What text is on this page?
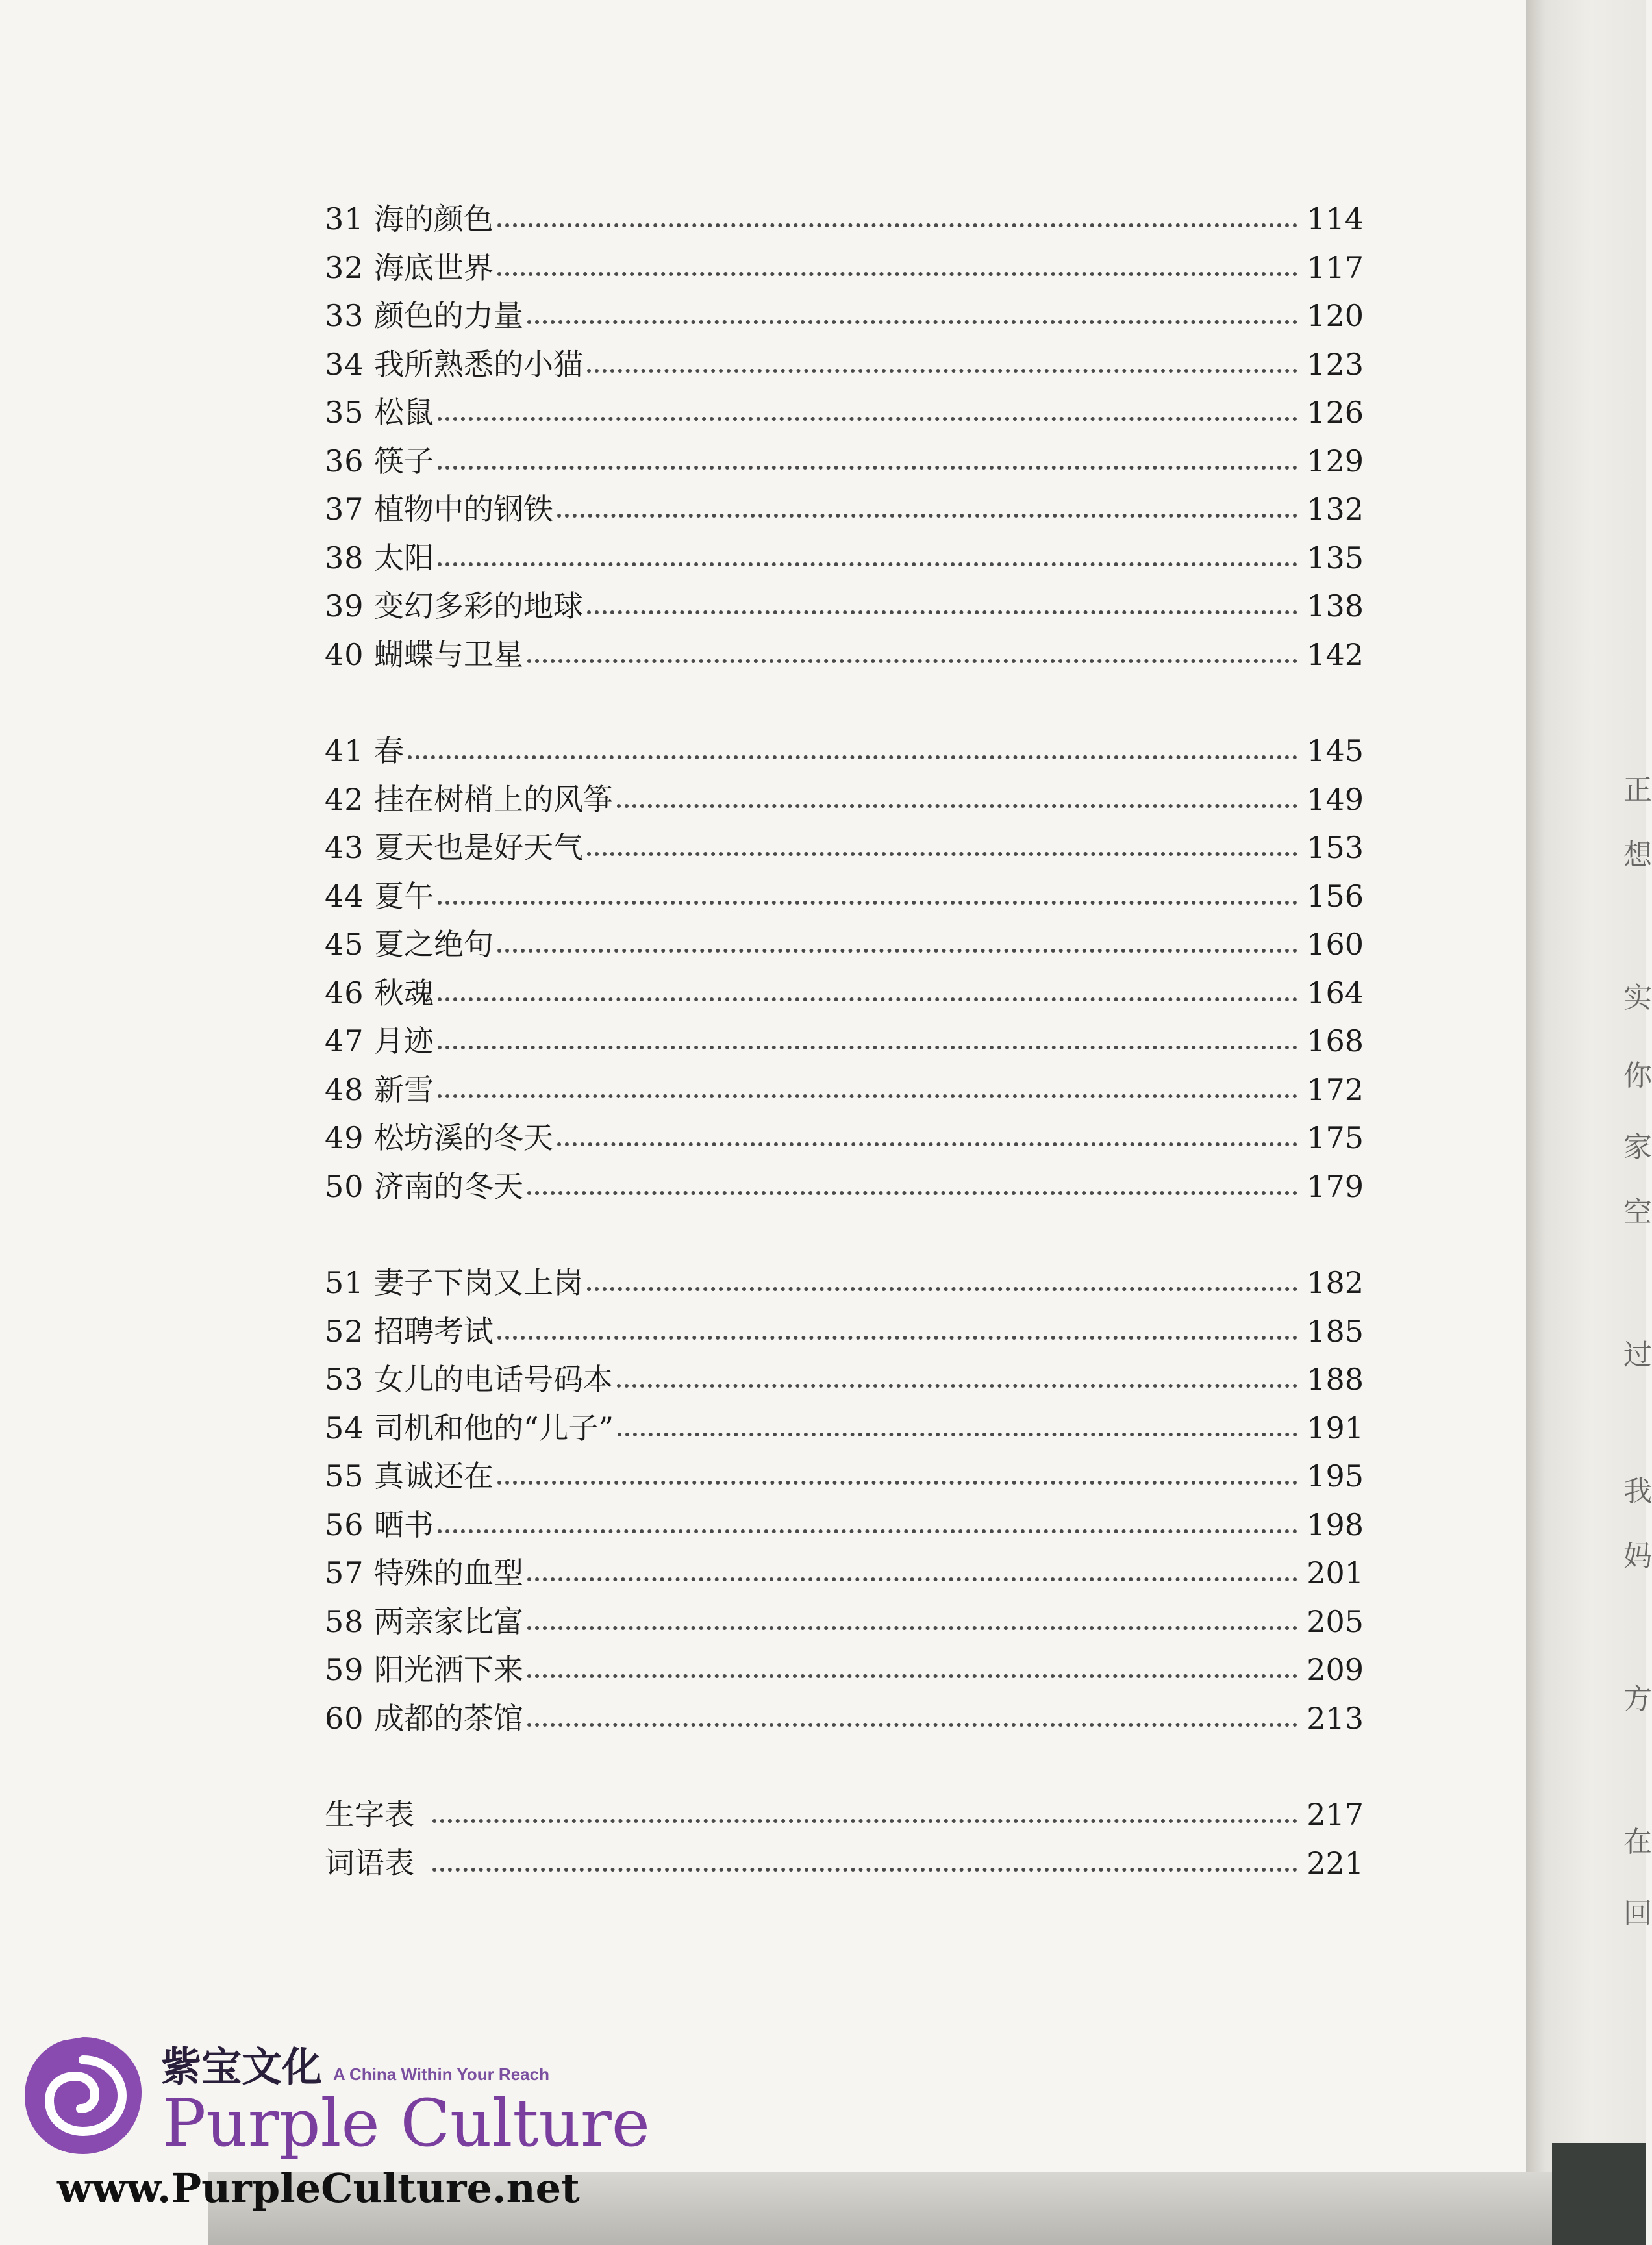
正
想
实
你
家
空
过
我
妈
方
在
回
31 海的颜色	114
32 海底世界	117
33 颜色的力量	120
34 我所熟悉的小猫	123
35 松鼠	126
36 筷子	129
37 植物中的钢铁	132
38 太阳	135
39 变幻多彩的地球	138
40 蝴蝶与卫星	142
41 春	145
42 挂在树梢上的风筝	149
43 夏天也是好天气	153
44 夏午	156
45 夏之绝句	160
46 秋魂	164
47 月迹	168
48 新雪	172
49 松坊溪的冬天	175
50 济南的冬天	179
51 妻子下岗又上岗	182
52 招聘考试	185
53 女儿的电话号码本	188
54 司机和他的“儿子”	191
55 真诚还在	195
56 晒书	198
57 特殊的血型	201
58 两亲家比富	205
59 阳光洒下来	209
60 成都的茶馆	213
生字表	217
词语表	221
紫宝文化 A China Within Your Reach
Purple Culture
www.PurpleCulture.net
